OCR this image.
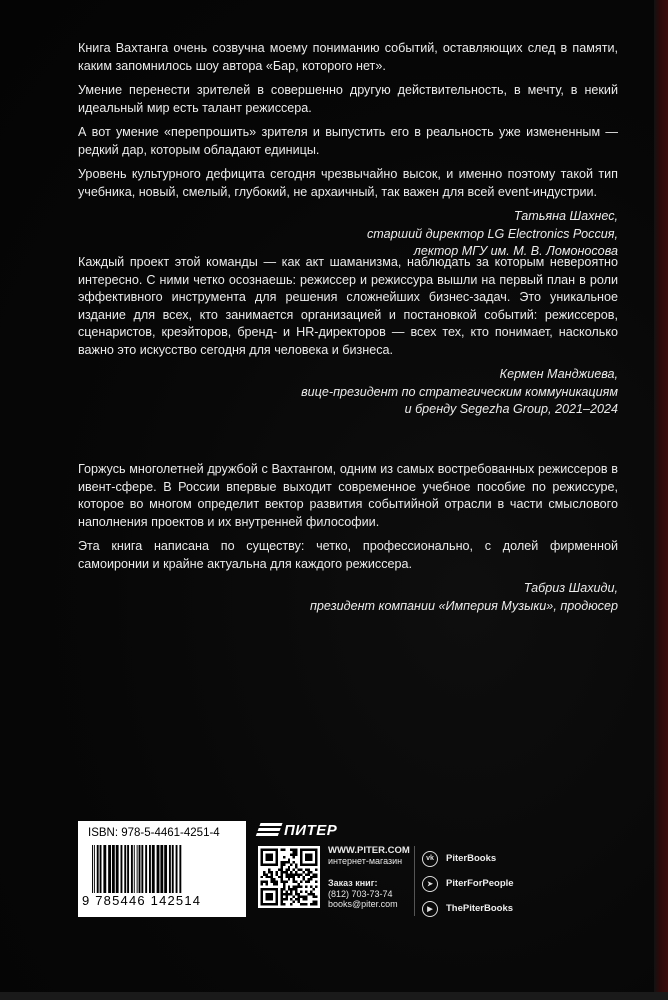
Книга Вахтанга очень созвучна моему пониманию событий, оставляющих след в памяти, каким запомнилось шоу автора «Бар, которого нет».

Умение перенести зрителей в совершенно другую действительность, в мечту, в некий идеальный мир есть талант режиссера.

А вот умение «перепрошить» зрителя и выпустить его в реальность уже измененным — редкий дар, которым обладают единицы.

Уровень культурного дефицита сегодня чрезвычайно высок, и именно поэтому такой тип учебника, новый, смелый, глубокий, не архаичный, так важен для всей event-индустрии.

Татьяна Шахнес,
старший директор LG Electronics Россия,
лектор МГУ им. М. В. Ломоносова

Каждый проект этой команды — как акт шаманизма, наблюдать за которым невероятно интересно. С ними четко осознаешь: режиссер и режиссура вышли на первый план в роли эффективного инструмента для решения сложнейших бизнес-задач. Это уникальное издание для всех, кто занимается организацией и постановкой событий: режиссеров, сценаристов, креэйторов, бренд- и HR-директоров — всех тех, кто понимает, насколько важно это искусство сегодня для человека и бизнеса.

Кермен Манджиева,
вице-президент по стратегическим коммуникациям
и бренду Segezha Group, 2021–2024

Горжусь многолетней дружбой с Вахтангом, одним из самых востребованных режиссеров в ивент-сфере. В России впервые выходит современное учебное пособие по режиссуре, которое во многом определит вектор развития событийной отрасли в части смыслового наполнения проектов и их внутренней философии.

Эта книга написана по существу: четко, профессионально, с долей фирменной самоиронии и крайне актуальна для каждого режиссера.

Табриз Шахиди,
президент компании «Империя Музыки», продюсер
ISBN: 978-5-4461-4251-4
9 785446 142514
ПИТЕР
WWW.PITER.COM
интернет-магазин
Заказ книг:
(812) 703-73-74
books@piter.com
vk	PiterBooks
➤	PiterForPeople
▶	ThePiterBooks
